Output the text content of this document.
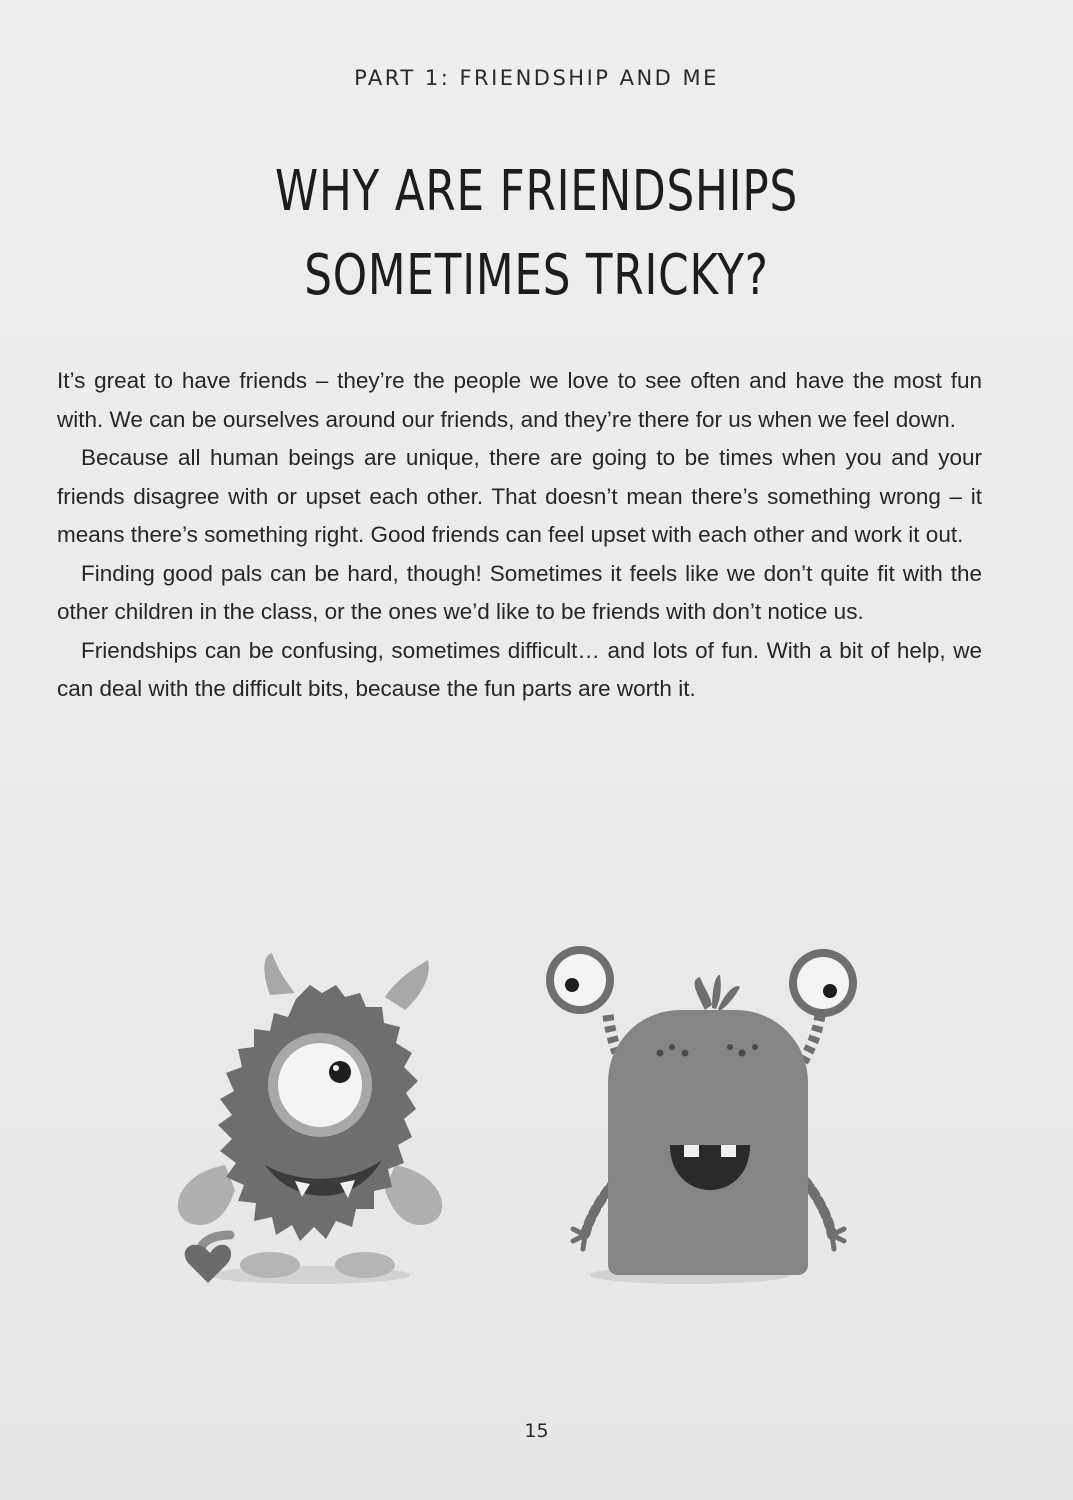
PART 1: FRIENDSHIP AND ME
WHY ARE FRIENDSHIPS
SOMETIMES TRICKY?

It’s great to have friends – they’re the people we love to see often and have the most fun with. We can be ourselves around our friends, and they’re there for us when we feel down.

Because all human beings are unique, there are going to be times when you and your friends disagree with or upset each other. That doesn’t mean there’s something wrong – it means there’s something right. Good friends can feel upset with each other and work it out.

Finding good pals can be hard, though! Sometimes it feels like we don’t quite fit with the other children in the class, or the ones we’d like to be friends with don’t notice us.

Friendships can be confusing, sometimes difficult… and lots of fun. With a bit of help, we can deal with the difficult bits, because the fun parts are worth it.

15
